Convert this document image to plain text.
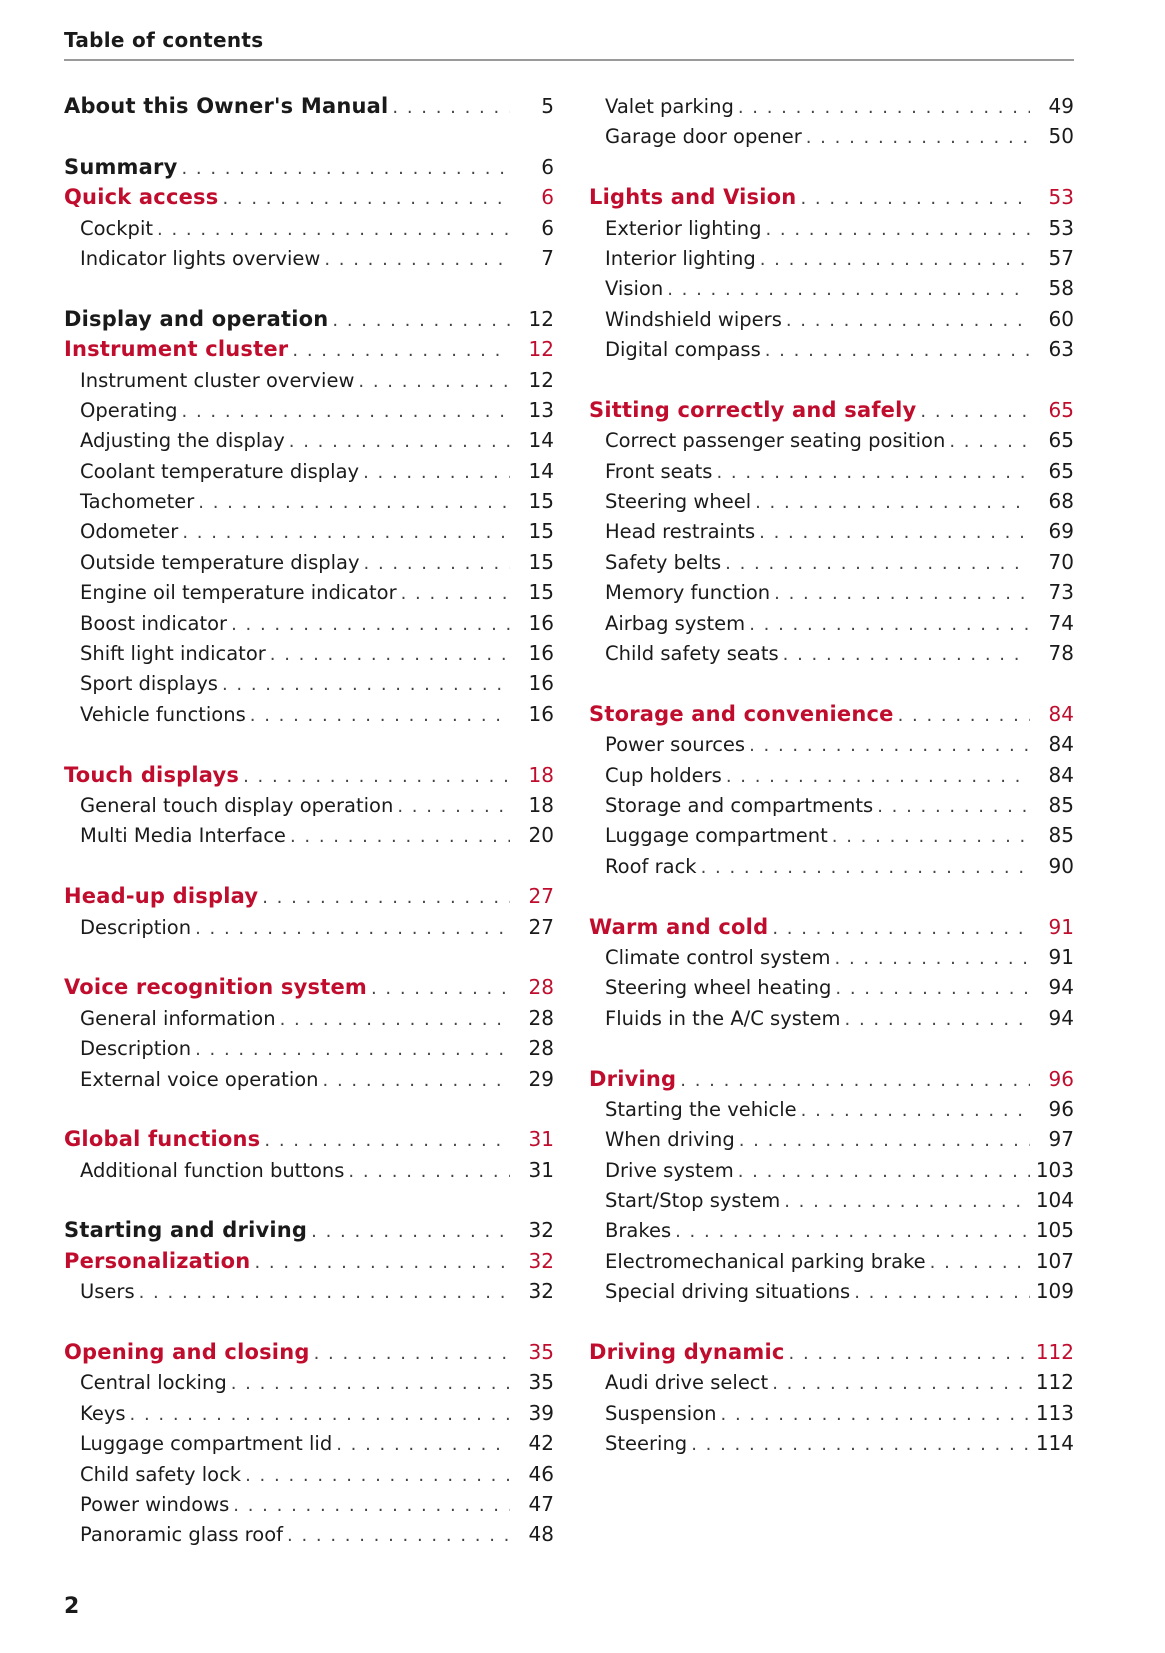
Table of contents
About this Owner's Manual . . .	5
Summary . . .	6
Quick access . . .	6
Cockpit . . .	6
Indicator lights overview . . .	7
Display and operation . . .	12
Instrument cluster . . .	12
Instrument cluster overview . . .	12
Operating . . .	13
Adjusting the display . . .	14
Coolant temperature display . . .	14
Tachometer . . .	15
Odometer . . .	15
Outside temperature display . . .	15
Engine oil temperature indicator . . .	15
Boost indicator . . .	16
Shift light indicator . . .	16
Sport displays . . .	16
Vehicle functions . . .	16
Touch displays . . .	18
General touch display operation . . .	18
Multi Media Interface . . .	20
Head-up display . . .	27
Description . . .	27
Voice recognition system . . .	28
General information . . .	28
Description . . .	28
External voice operation . . .	29
Global functions . . .	31
Additional function buttons . . .	31
Starting and driving . . .	32
Personalization . . .	32
Users . . .	32
Opening and closing . . .	35
Central locking . . .	35
Keys . . .	39
Luggage compartment lid . . .	42
Child safety lock . . .	46
Power windows . . .	47
Panoramic glass roof . . .	48
Valet parking . . .	49
Garage door opener . . .	50
Lights and Vision . . .	53
Exterior lighting . . .	53
Interior lighting . . .	57
Vision . . .	58
Windshield wipers . . .	60
Digital compass . . .	63
Sitting correctly and safely . . .	65
Correct passenger seating position . . .	65
Front seats . . .	65
Steering wheel . . .	68
Head restraints . . .	69
Safety belts . . .	70
Memory function . . .	73
Airbag system . . .	74
Child safety seats . . .	78
Storage and convenience . . .	84
Power sources . . .	84
Cup holders . . .	84
Storage and compartments . . .	85
Luggage compartment . . .	85
Roof rack . . .	90
Warm and cold . . .	91
Climate control system . . .	91
Steering wheel heating . . .	94
Fluids in the A/C system . . .	94
Driving . . .	96
Starting the vehicle . . .	96
When driving . . .	97
Drive system . . .	103
Start/Stop system . . .	104
Brakes . . .	105
Electromechanical parking brake . . .	107
Special driving situations . . .	109
Driving dynamic . . .	112
Audi drive select . . .	112
Suspension . . .	113
Steering . . .	114
2
